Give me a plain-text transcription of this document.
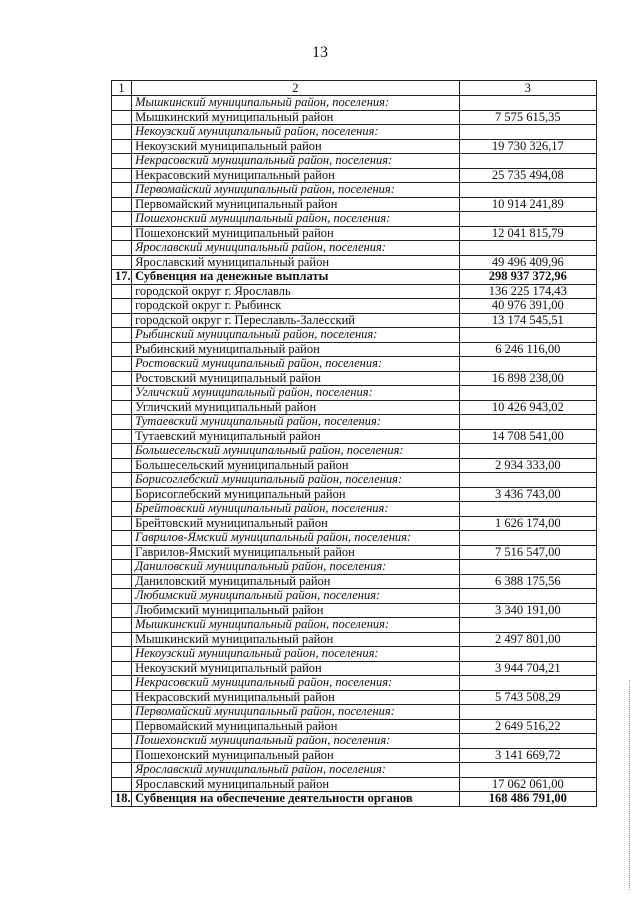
13
1	2	3
	Мышкинский муниципальный район, поселения:	
	Мышкинский муниципальный район	7 575 615,35
	Некоузский муниципальный район, поселения:	
	Некоузский муниципальный район	19 730 326,17
	Некрасовский муниципальный район, поселения:	
	Некрасовский муниципальный район	25 735 494,08
	Первомайский муниципальный район, поселения:	
	Первомайский муниципальный район	10 914 241,89
	Пошехонский муниципальный район, поселения:	
	Пошехонский муниципальный район	12 041 815,79
	Ярославский муниципальный район, поселения:	
	Ярославский муниципальный район	49 496 409,96
17.	Субвенция на денежные выплаты	298 937 372,96
	городской округ г. Ярославль	136 225 174,43
	городской округ г. Рыбинск	40 976 391,00
	городской округ г. Переславль-Залесский	13 174 545,51
	Рыбинский муниципальный район, поселения:	
	Рыбинский муниципальный район	6 246 116,00
	Ростовский муниципальный район, поселения:	
	Ростовский муниципальный район	16 898 238,00
	Угличский муниципальный район, поселения:	
	Угличский муниципальный район	10 426 943,02
	Тутаевский муниципальный район, поселения:	
	Тутаевский муниципальный район	14 708 541,00
	Большесельский муниципальный район, поселения:	
	Большесельский муниципальный район	2 934 333,00
	Борисоглебский муниципальный район, поселения:	
	Борисоглебский муниципальный район	3 436 743,00
	Брейтовский муниципальный район, поселения:	
	Брейтовский муниципальный район	1 626 174,00
	Гаврилов-Ямский муниципальный район, поселения:	
	Гаврилов-Ямский муниципальный район	7 516 547,00
	Даниловский муниципальный район, поселения:	
	Даниловский муниципальный район	6 388 175,56
	Любимский муниципальный район, поселения:	
	Любимский муниципальный район	3 340 191,00
	Мышкинский муниципальный район, поселения:	
	Мышкинский муниципальный район	2 497 801,00
	Некоузский муниципальный район, поселения:	
	Некоузский муниципальный район	3 944 704,21
	Некрасовский муниципальный район, поселения:	
	Некрасовский муниципальный район	5 743 508,29
	Первомайский муниципальный район, поселения:	
	Первомайский муниципальный район	2 649 516,22
	Пошехонский муниципальный район, поселения:	
	Пошехонский муниципальный район	3 141 669,72
	Ярославский муниципальный район, поселения:	
	Ярославский муниципальный район	17 062 061,00
18.	Субвенция на обеспечение деятельности органов	168 486 791,00
